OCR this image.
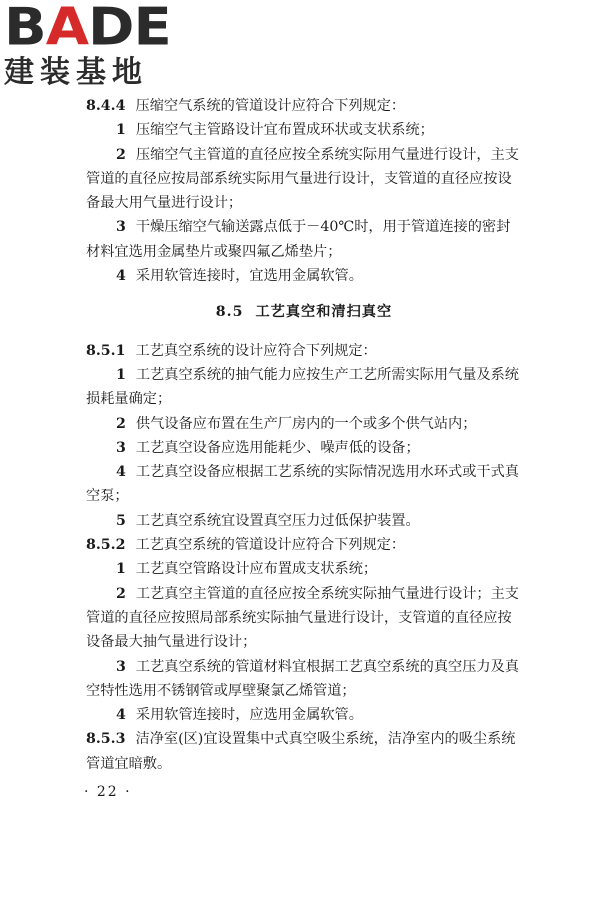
BADE
建装基地

8.4.4 压缩空气系统的管道设计应符合下列规定：

1 压缩空气主管路设计宜布置成环状或支状系统；

2 压缩空气主管道的直径应按全系统实际用气量进行设计，主支管道的直径应按局部系统实际用气量进行设计，支管道的直径应按设备最大用气量进行设计；

3 干燥压缩空气输送露点低于－40℃时，用于管道连接的密封材料宜选用金属垫片或聚四氟乙烯垫片；

4 采用软管连接时，宜选用金属软管。

8.5 工艺真空和清扫真空

8.5.1 工艺真空系统的设计应符合下列规定：

1 工艺真空系统的抽气能力应按生产工艺所需实际用气量及系统损耗量确定；

2 供气设备应布置在生产厂房内的一个或多个供气站内；

3 工艺真空设备应选用能耗少、噪声低的设备；

4 工艺真空设备应根据工艺系统的实际情况选用水环式或干式真空泵；

5 工艺真空系统宜设置真空压力过低保护装置。

8.5.2 工艺真空系统的管道设计应符合下列规定：

1 工艺真空管路设计应布置成支状系统；

2 工艺真空主管道的直径应按全系统实际抽气量进行设计；主支管道的直径应按照局部系统实际抽气量进行设计，支管道的直径应按设备最大抽气量进行设计；

3 工艺真空系统的管道材料宜根据工艺真空系统的真空压力及真空特性选用不锈钢管或厚壁聚氯乙烯管道；

4 采用软管连接时，应选用金属软管。

8.5.3 洁净室(区)宜设置集中式真空吸尘系统，洁净室内的吸尘系统管道宜暗敷。

· 22 ·
